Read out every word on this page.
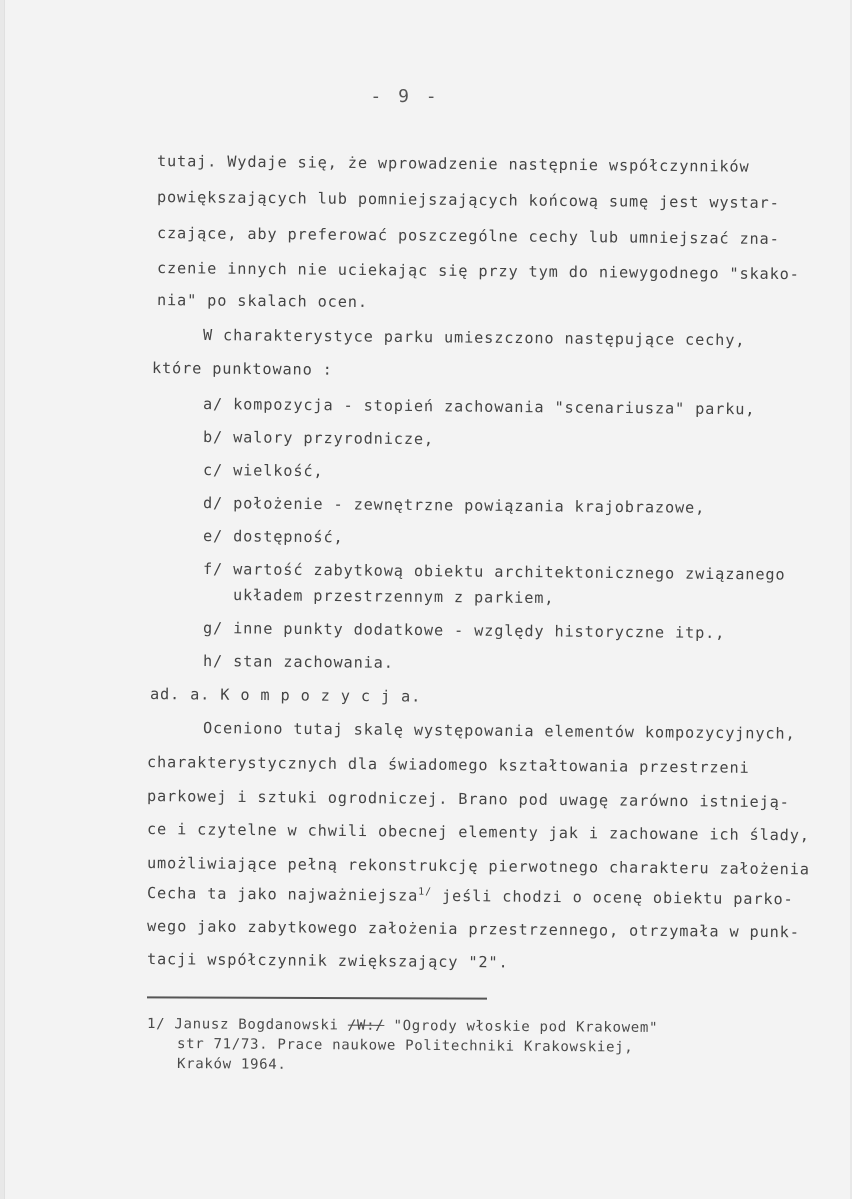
- 9 -
tutaj. Wydaje się, że wprowadzenie następnie współczynników
powiększających lub pomniejszających końcową sumę jest wystar-
czające, aby preferować poszczególne cechy lub umniejszać zna-
czenie innych nie uciekając się przy tym do niewygodnego "skako-
nia" po skalach ocen.
W charakterystyce parku umieszczono następujące cechy,
które punktowano :
a/ kompozycja - stopień zachowania "scenariusza" parku,
b/ walory przyrodnicze,
c/ wielkość,
d/ położenie - zewnętrzne powiązania krajobrazowe,
e/ dostępność,
f/ wartość zabytkową obiektu architektonicznego związanego
układem przestrzennym z parkiem,
g/ inne punkty dodatkowe - względy historyczne itp.,
h/ stan zachowania.
ad. a. K o m p o z y c j a.
Oceniono tutaj skalę występowania elementów kompozycyjnych,
charakterystycznych dla świadomego kształtowania przestrzeni
parkowej i sztuki ogrodniczej. Brano pod uwagę zarówno istnieją-
ce i czytelne w chwili obecnej elementy jak i zachowane ich ślady,
umożliwiające pełną rekonstrukcję pierwotnego charakteru założenia
Cecha ta jako najważniejsza$^{1/}$ jeśli chodzi o ocenę obiektu parko-
wego jako zabytkowego założenia przestrzennego, otrzymała w punk-
tacji współczynnik zwiększający "2".
1/ Janusz Bogdanowski /W:/ "Ogrody włoskie pod Krakowem"
str 71/73. Prace naukowe Politechniki Krakowskiej,
Kraków 1964.
